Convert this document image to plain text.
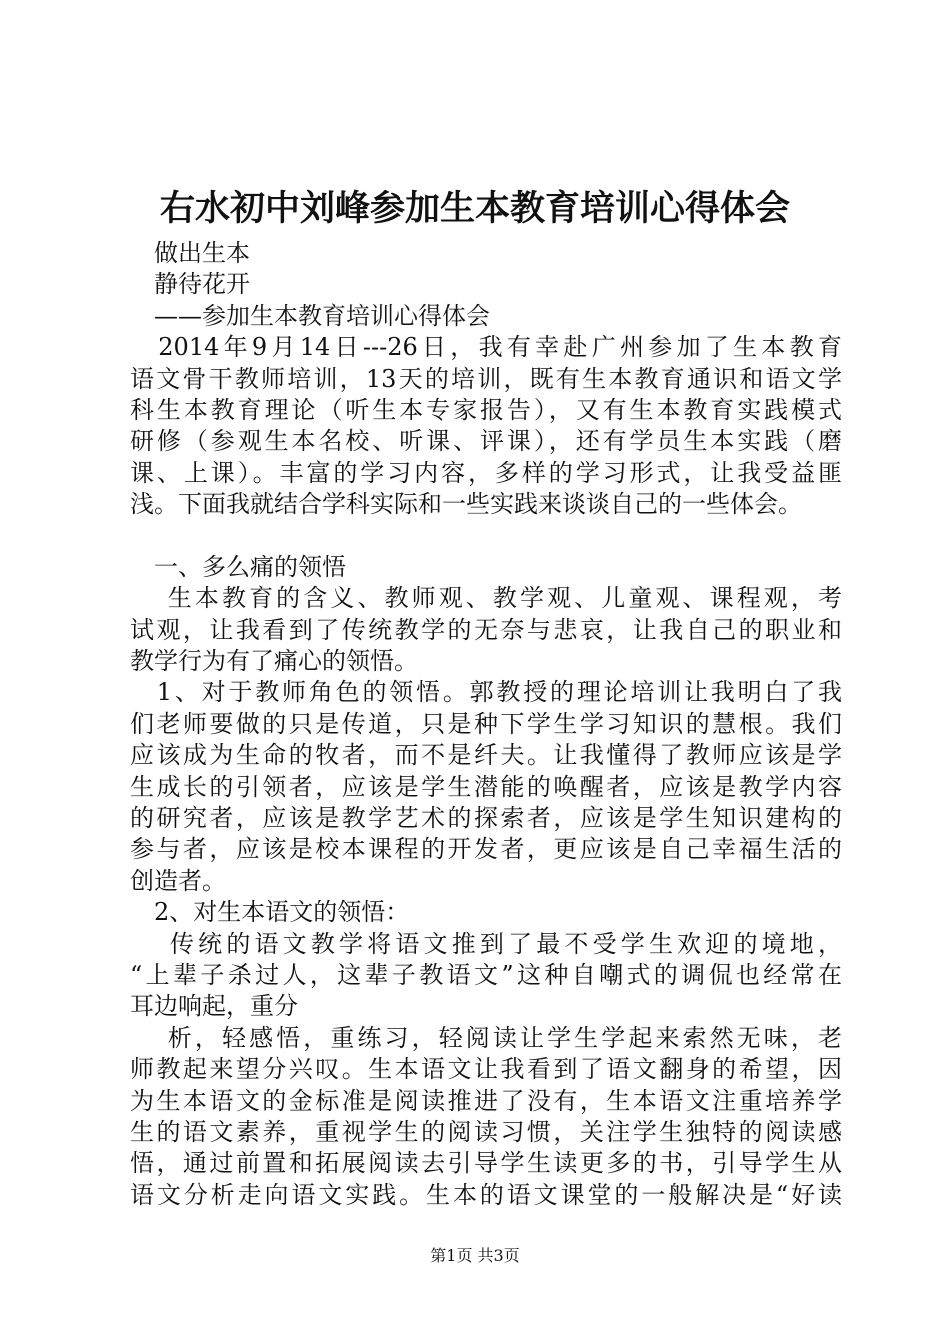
右水初中刘峰参加生本教育培训心得体会
　做出生本
　静待花开
　——参加生本教育培训心得体会
　2014年9月14日---26日，我有幸赴广州参加了生本教育
语文骨干教师培训，13天的培训，既有生本教育通识和语文学
科生本教育理论（听生本专家报告），又有生本教育实践模式
研修（参观生本名校、听课、评课），还有学员生本实践（磨
课、上课）。丰富的学习内容，多样的学习形式，让我受益匪
浅。下面我就结合学科实际和一些实践来谈谈自己的一些体会。
　一、多么痛的领悟
　 生本教育的含义、教师观、教学观、儿童观、课程观，考
试观，让我看到了传统教学的无奈与悲哀，让我自己的职业和
教学行为有了痛心的领悟。
　1、对于教师角色的领悟。郭教授的理论培训让我明白了我
们老师要做的只是传道，只是种下学生学习知识的慧根。我们
应该成为生命的牧者，而不是纤夫。让我懂得了教师应该是学
生成长的引领者，应该是学生潜能的唤醒者，应该是教学内容
的研究者，应该是教学艺术的探索者，应该是学生知识建构的
参与者，应该是校本课程的开发者，更应该是自己幸福生活的
创造者。
　2、对生本语文的领悟：
　 传统的语文教学将语文推到了最不受学生欢迎的境地，
“上辈子杀过人，这辈子教语文”这种自嘲式的调侃也经常在
耳边响起，重分
　 析，轻感悟，重练习，轻阅读让学生学起来索然无味，老
师教起来望分兴叹。生本语文让我看到了语文翻身的希望，因
为生本语文的金标准是阅读推进了没有，生本语文注重培养学
生的语文素养，重视学生的阅读习惯，关注学生独特的阅读感
悟，通过前置和拓展阅读去引导学生读更多的书，引导学生从
语文分析走向语文实践。生本的语文课堂的一般解决是“好读
第1页 共3页
